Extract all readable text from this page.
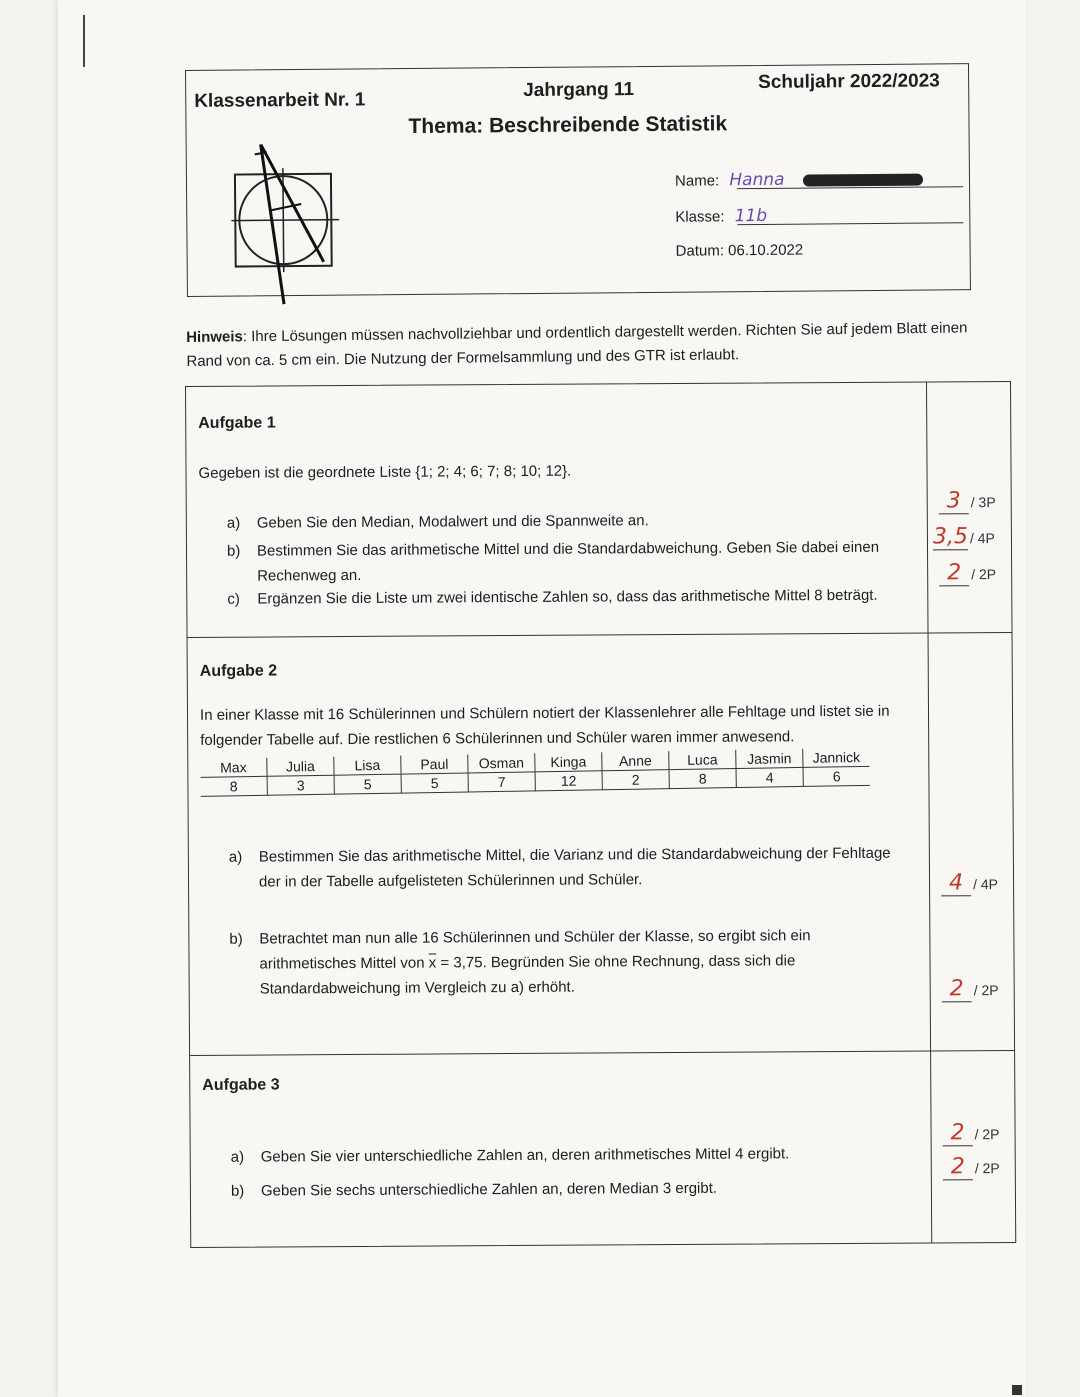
Klassenarbeit Nr. 1	Jahrgang 11	Schuljahr 2022/2023
Thema: Beschreibende Statistik
Name: Hanna
Klasse: 11b
Datum: 06.10.2022
Hinweis: Ihre Lösungen müssen nachvollziehbar und ordentlich dargestellt werden. Richten Sie auf jedem Blatt einen Rand von ca. 5 cm ein. Die Nutzung der Formelsammlung und des GTR ist erlaubt.
Aufgabe 1
Gegeben ist die geordnete Liste {1; 2; 4; 6; 7; 8; 10; 12}.
a) Geben Sie den Median, Modalwert und die Spannweite an.
b) Bestimmen Sie das arithmetische Mittel und die Standardabweichung. Geben Sie dabei einen Rechenweg an.
c) Ergänzen Sie die Liste um zwei identische Zahlen so, dass das arithmetische Mittel 8 beträgt.
3 / 3P
3,5 / 4P
2 / 2P
Aufgabe 2
In einer Klasse mit 16 Schülerinnen und Schülern notiert der Klassenlehrer alle Fehltage und listet sie in folgender Tabelle auf. Die restlichen 6 Schülerinnen und Schüler waren immer anwesend.
Max	Julia	Lisa	Paul	Osman	Kinga	Anne	Luca	Jasmin	Jannick
8	3	5	5	7	12	2	8	4	6
a) Bestimmen Sie das arithmetische Mittel, die Varianz und die Standardabweichung der Fehltage der in der Tabelle aufgelisteten Schülerinnen und Schüler.
b) Betrachtet man nun alle 16 Schülerinnen und Schüler der Klasse, so ergibt sich ein arithmetisches Mittel von $\overline{x} = 3,75$. Begründen Sie ohne Rechnung, dass sich die Standardabweichung im Vergleich zu a) erhöht.
4 / 4P
2 / 2P
Aufgabe 3
a) Geben Sie vier unterschiedliche Zahlen an, deren arithmetisches Mittel 4 ergibt.
b) Geben Sie sechs unterschiedliche Zahlen an, deren Median 3 ergibt.
2 / 2P
2 / 2P
